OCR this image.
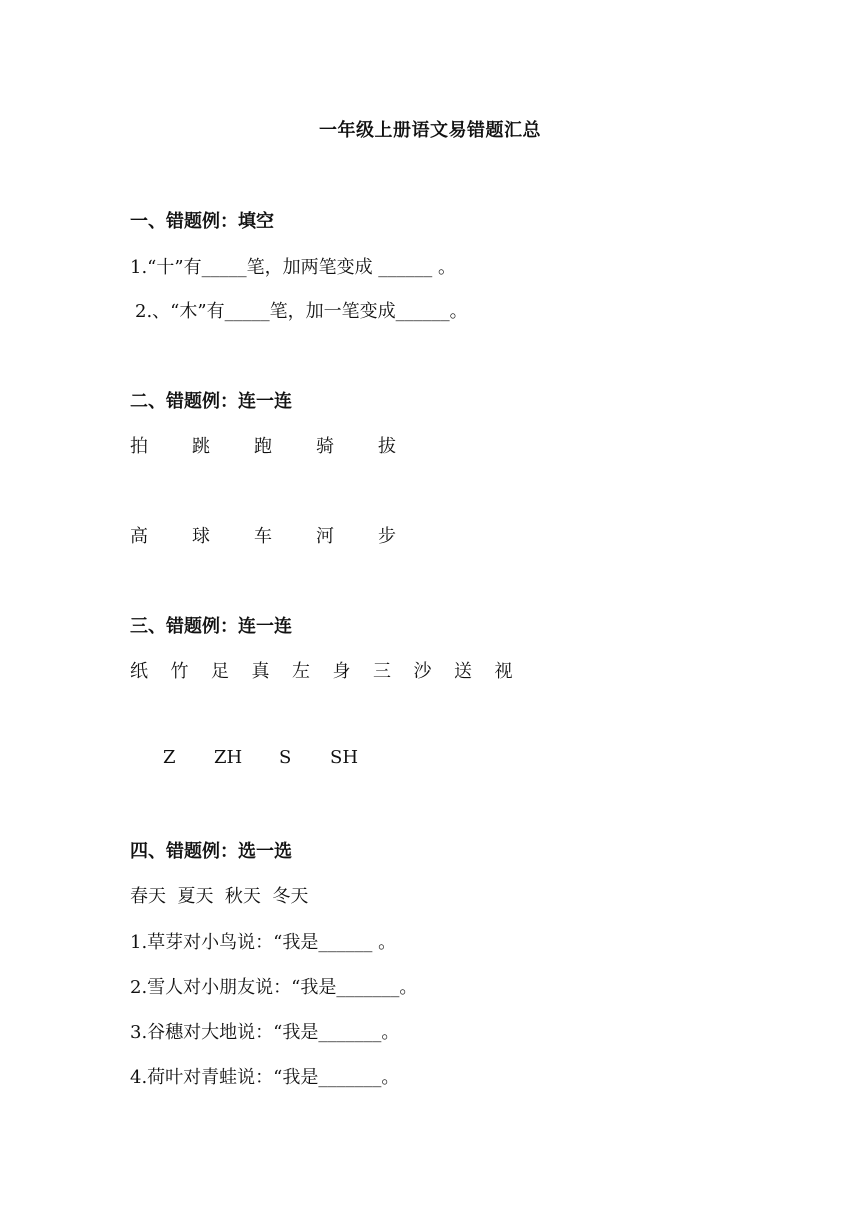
一年级上册语文易错题汇总
一、错题例：填空
1.“十”有_____笔，加两笔变成 ______ 。
2.、“木”有_____笔，加一笔变成______。
二、错题例：连一连
拍	跳	跑	骑	拔
高	球	车	河	步
三、错题例：连一连
纸	竹	足	真	左	身	三	沙	送	视
Z	ZH	S	SH
四、错题例：选一选
春天  夏天  秋天  冬天
1.草芽对小鸟说：“我是______ 。
2.雪人对小朋友说：“我是_______。
3.谷穗对大地说：“我是_______。
4.荷叶对青蛙说：“我是_______。
